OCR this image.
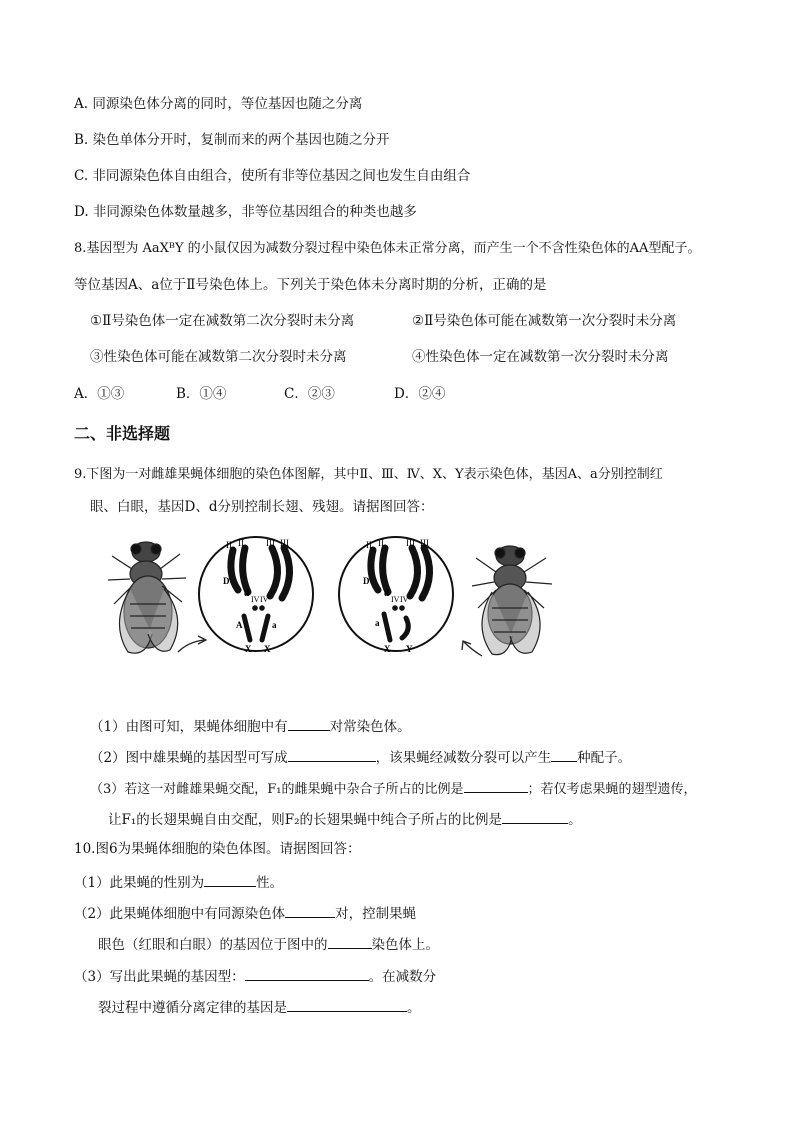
A. 同源染色体分离的同时，等位基因也随之分离
B. 染色单体分开时，复制而来的两个基因也随之分开
C. 非同源染色体自由组合，使所有非等位基因之间也发生自由组合
D. 非同源染色体数量越多，非等位基因组合的种类也越多
8.基因型为 AaXᴮY 的小鼠仅因为减数分裂过程中染色体未正常分离，而产生一个不含性染色体的AA型配子。
等位基因A、a位于Ⅱ号染色体上。下列关于染色体未分离时期的分析，正确的是
①Ⅱ号染色体一定在减数第二次分裂时未分离	②Ⅱ号染色体可能在减数第一次分裂时未分离
③性染色体可能在减数第二次分裂时未分离	④性染色体一定在减数第一次分裂时未分离
A．①③	B．①④	C．②③	D．②④
二、非选择题
9.下图为一对雌雄果蝇体细胞的染色体图解，其中Ⅱ、Ⅲ、Ⅳ、X、Y表示染色体，基因A、a分别控制红
眼、白眼，基因D、d分别控制长翅、残翅。请据图回答：
II II III III
IV IV
D
d
A	a
X X
II II III III
IV IV
D
d
a
X Y
（1）由图可知，果蝇体细胞中有	对常染色体。
（2）图中雄果蝇的基因型可写成	，该果蝇经减数分裂可以产生 种配子。
（3）若这一对雌雄果蝇交配，F₁的雌果蝇中杂合子所占的比例是	；若仅考虑果蝇的翅型遗传，
让F₁的长翅果蝇自由交配，则F₂的长翅果蝇中纯合子所占的比例是	。
10.图6为果蝇体细胞的染色体图。请据图回答：
（1）此果蝇的性别为	性。
（2）此果蝇体细胞中有同源染色体	对，控制果蝇
眼色（红眼和白眼）的基因位于图中的	染色体上。
（3）写出此果蝇的基因型：	。在减数分
裂过程中遵循分离定律的基因是	。
